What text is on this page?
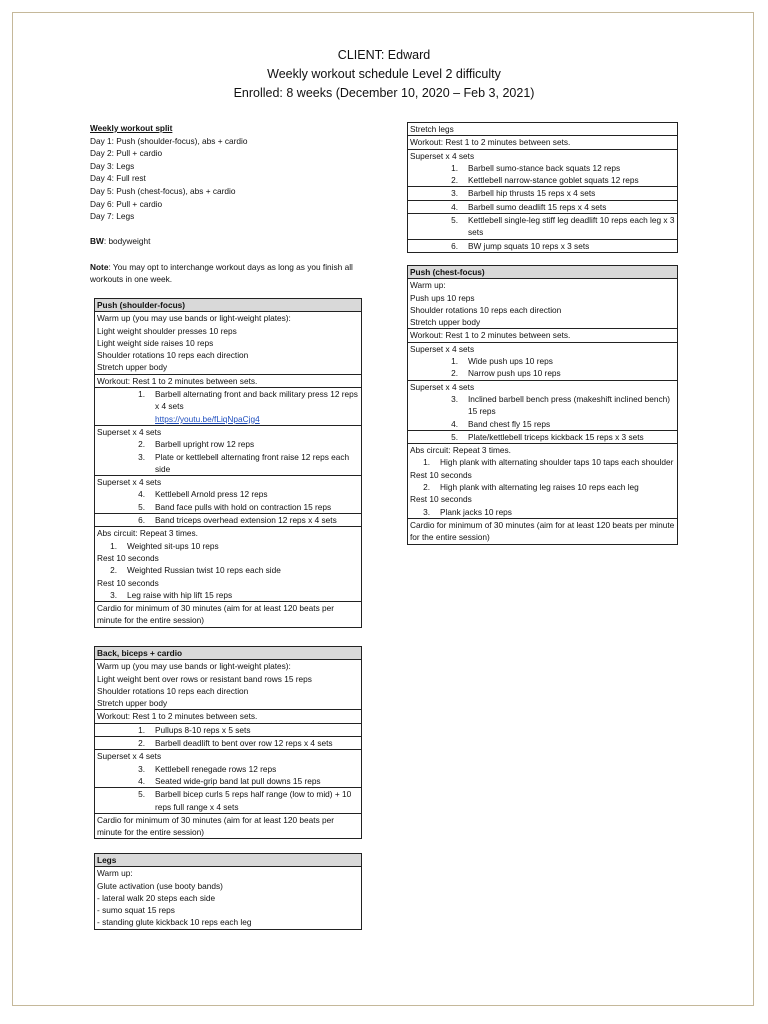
CLIENT: Edward
Weekly workout schedule Level 2 difficulty
Enrolled: 8 weeks (December 10, 2020 – Feb 3, 2021)

Weekly workout split

Day 1: Push (shoulder-focus), abs + cardio

Day 2: Pull + cardio

Day 3: Legs

Day 4: Full rest

Day 5: Push (chest-focus), abs + cardio

Day 6: Pull + cardio

Day 7: Legs

BW: bodyweight

Note: You may opt to interchange workout days as long as you finish all workouts in one week.

Push (shoulder-focus)

Warm up (you may use bands or light-weight plates):
Light weight shoulder presses 10 reps
Light weight side raises 10 reps
Shoulder rotations 10 reps each direction
Stretch upper body

Workout: Rest 1 to 2 minutes between sets.

1.	Barbell alternating front and back military press 12 reps x 4 sets
https://youtu.be/fLiqNpaCjg4

Superset x 4 sets
2.	Barbell upright row 12 reps
3.	Plate or kettlebell alternating front raise 12 reps each side

Superset x 4 sets
4.	Kettlebell Arnold press 12 reps
5.	Band face pulls with hold on contraction 15 reps

6.	Band triceps overhead extension 12 reps x 4 sets

Abs circuit: Repeat 3 times.
1.	Weighted sit-ups 10 reps
Rest 10 seconds
2.	Weighted Russian twist 10 reps each side
Rest 10 seconds
3.	Leg raise with hip lift 15 reps

Cardio for minimum of 30 minutes (aim for at least 120 beats per minute for the entire session)
Back, biceps + cardio

Warm up (you may use bands or light-weight plates):
Light weight bent over rows or resistant band rows 15 reps
Shoulder rotations 10 reps each direction
Stretch upper body

Workout: Rest 1 to 2 minutes between sets.

1.	Pullups 8-10 reps x 5 sets

2.	Barbell deadlift to bent over row 12 reps x 4 sets

Superset x 4 sets
3.	Kettlebell renegade rows 12 reps
4.	Seated wide-grip band lat pull downs 15 reps

5.	Barbell bicep curls 5 reps half range (low to mid) + 10 reps full range x 4 sets

Cardio for minimum of 30 minutes (aim for at least 120 beats per minute for the entire session)
Legs

Warm up:
Glute activation (use booty bands)
- lateral walk 20 steps each side
- sumo squat 15 reps
- standing glute kickback 10 reps each leg
Stretch legs
Workout: Rest 1 to 2 minutes between sets.

Superset x 4 sets
1.	Barbell sumo-stance back squats 12 reps
2.	Kettlebell narrow-stance goblet squats 12 reps

3.	Barbell hip thrusts 15 reps x 4 sets

4.	Barbell sumo deadlift 15 reps x 4 sets

5.	Kettlebell single-leg stiff leg deadlift 10 reps each leg x 3 sets

6.	BW jump squats 10 reps x 3 sets
Push (chest-focus)

Warm up:
Push ups 10 reps
Shoulder rotations 10 reps each direction
Stretch upper body

Workout: Rest 1 to 2 minutes between sets.

Superset x 4 sets
1.	Wide push ups 10 reps
2.	Narrow push ups 10 reps

Superset x 4 sets
3.	Inclined barbell bench press (makeshift inclined bench) 15 reps
4.	Band chest fly 15 reps

5.	Plate/kettlebell triceps kickback 15 reps x 3 sets

Abs circuit: Repeat 3 times.
1.	High plank with alternating shoulder taps 10 taps each shoulder
Rest 10 seconds
2.	High plank with alternating leg raises 10 reps each leg
Rest 10 seconds
3.	Plank jacks 10 reps

Cardio for minimum of 30 minutes (aim for at least 120 beats per minute for the entire session)
